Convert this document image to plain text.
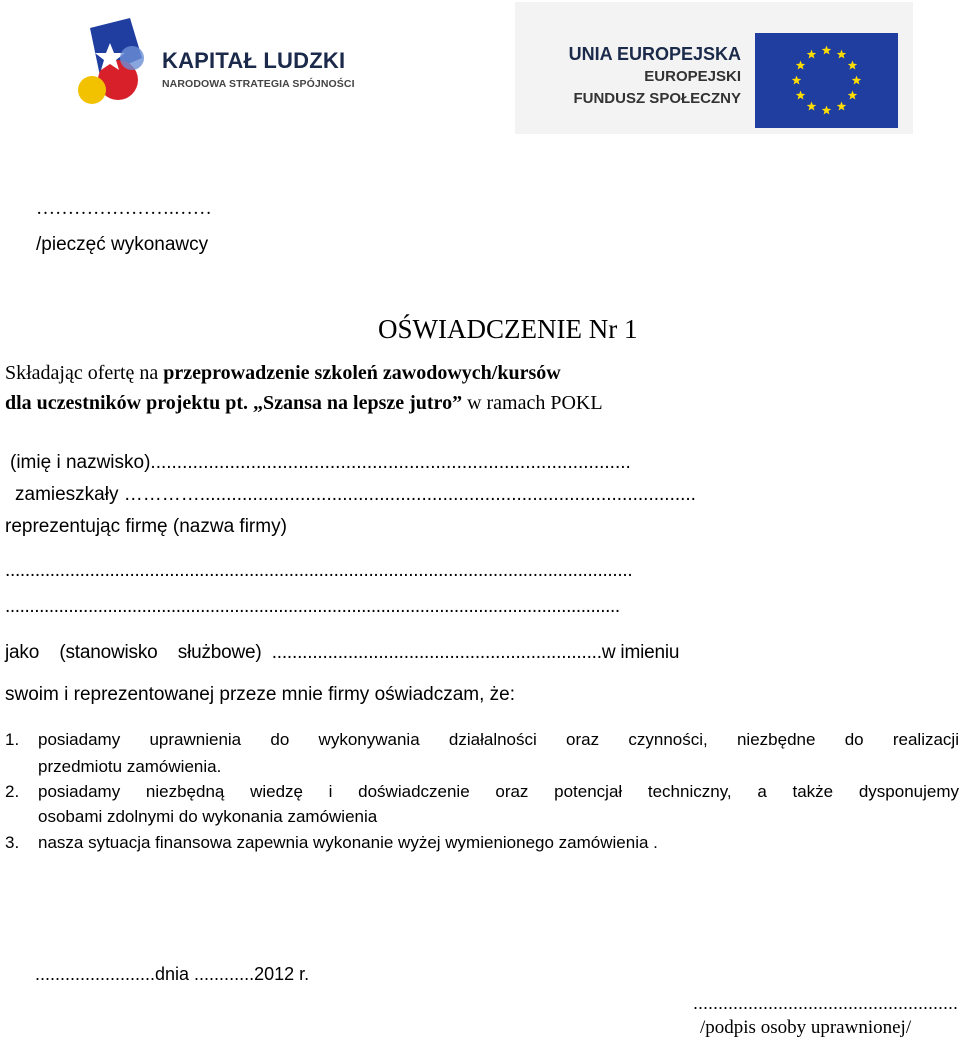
KAPITAŁ LUDZKI
NARODOWA STRATEGIA SPÓJNOŚCI
UNIA EUROPEJSKA
EUROPEJSKI
FUNDUSZ SPOŁECZNY
………………….……
/pieczęć wykonawcy
OŚWIADCZENIE Nr 1
Składając ofertę na przeprowadzenie szkoleń zawodowych/kursów
dla uczestników projektu pt. „Szansa na lepsze jutro” w ramach POKL
(imię i nazwisko)...........................................................................................
zamieszkały …………..............................................................................................
reprezentując firmę (nazwa firmy)
..............................................................................................................................
..............................................................................................................................
jako    (stanowisko    służbowe)  .................................................................w imieniu
swoim i reprezentowanej przeze mnie firmy oświadczam, że:
1. posiadamy uprawnienia do wykonywania działalności oraz czynności, niezbędne do realizacji
przedmiotu zamówienia.
2. posiadamy niezbędną wiedzę i doświadczenie oraz potencjał techniczny, a także dysponujemy
osobami zdolnymi do wykonania zamówienia
3. nasza sytuacja finansowa zapewnia wykonanie wyżej wymienionego zamówienia .
........................dnia ............2012 r.
.....................................................
/podpis osoby uprawnionej/
